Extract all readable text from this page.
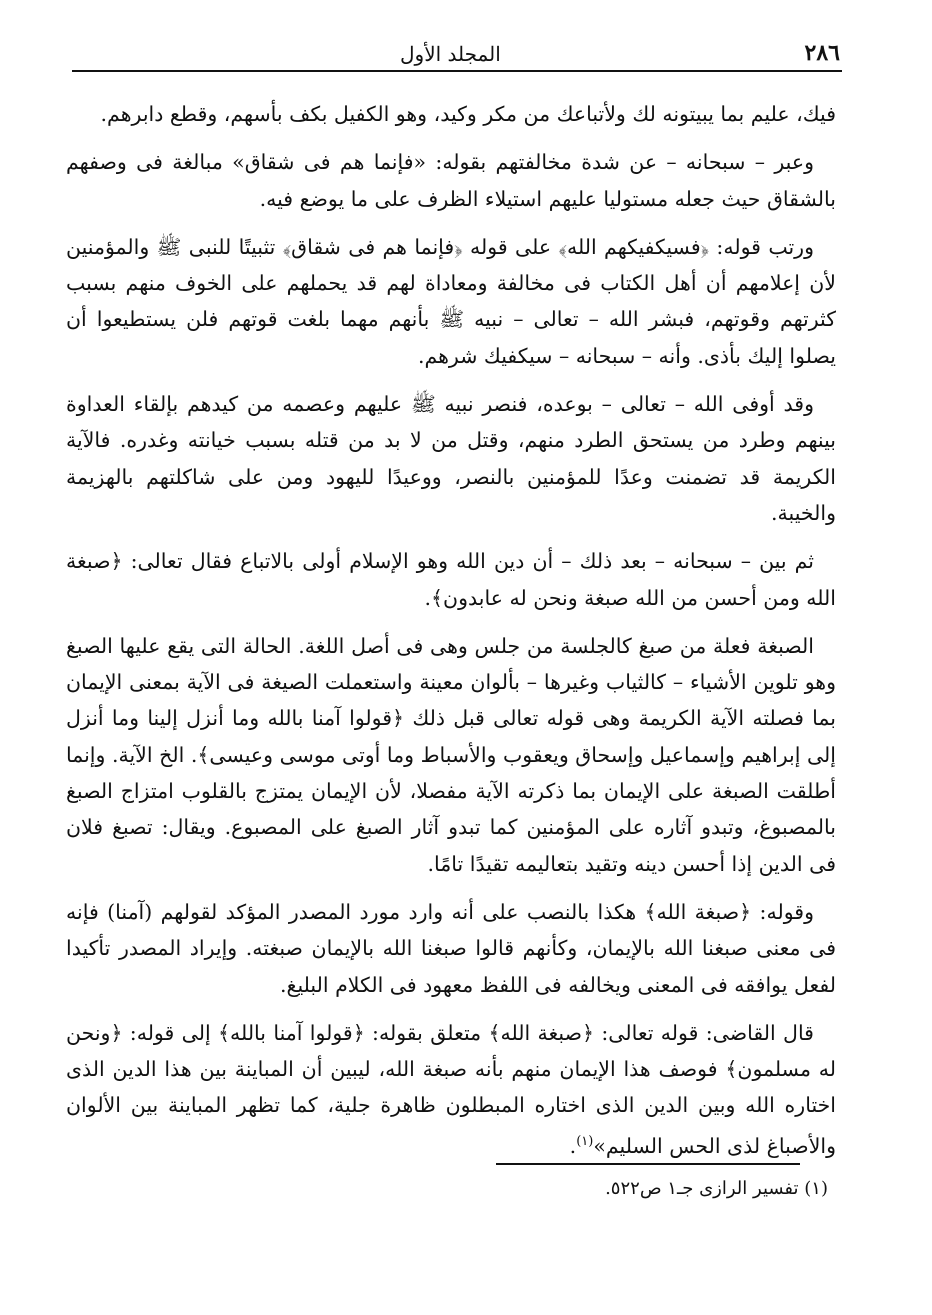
٢٨٦
المجلد الأول

فيك، عليم بما يبيتونه لك ولأتباعك من مكر وكيد، وهو الكفيل بكف بأسهم، وقطع دابرهم.

وعبر – سبحانه – عن شدة مخالفتهم بقوله: «فإنما هم فى شقاق» مبالغة فى وصفهم بالشقاق حيث جعله مستوليا عليهم استيلاء الظرف على ما يوضع فيه.

ورتب قوله: ﴿فسيكفيكهم الله﴾ على قوله ﴿فإنما هم فى شقاق﴾ تثبيتًا للنبى ﷺ والمؤمنين لأن إعلامهم أن أهل الكتاب فى مخالفة ومعاداة لهم قد يحملهم على الخوف منهم بسبب كثرتهم وقوتهم، فبشر الله – تعالى – نبيه ﷺ بأنهم مهما بلغت قوتهم فلن يستطيعوا أن يصلوا إليك بأذى. وأنه – سبحانه – سيكفيك شرهم.

وقد أوفى الله – تعالى – بوعده، فنصر نبيه ﷺ عليهم وعصمه من كيدهم بإلقاء العداوة بينهم وطرد من يستحق الطرد منهم، وقتل من لا بد من قتله بسبب خيانته وغدره. فالآية الكريمة قد تضمنت وعدًا للمؤمنين بالنصر، ووعيدًا لليهود ومن على شاكلتهم بالهزيمة والخيبة.

ثم بين – سبحانه – بعد ذلك – أن دين الله وهو الإسلام أولى بالاتباع فقال تعالى: ﴿صبغة الله ومن أحسن من الله صبغة ونحن له عابدون﴾.

الصبغة فعلة من صبغ كالجلسة من جلس وهى فى أصل اللغة. الحالة التى يقع عليها الصبغ وهو تلوين الأشياء – كالثياب وغيرها – بألوان معينة واستعملت الصيغة فى الآية بمعنى الإيمان بما فصلته الآية الكريمة وهى قوله تعالى قبل ذلك ﴿قولوا آمنا بالله وما أنزل إلينا وما أنزل إلى إبراهيم وإسماعيل وإسحاق ويعقوب والأسباط وما أوتى موسى وعيسى﴾. الخ الآية. وإنما أطلقت الصبغة على الإيمان بما ذكرته الآية مفصلا، لأن الإيمان يمتزج بالقلوب امتزاج الصبغ بالمصبوغ، وتبدو آثاره على المؤمنين كما تبدو آثار الصبغ على المصبوع. ويقال: تصبغ فلان فى الدين إذا أحسن دينه وتقيد بتعاليمه تقيدًا تامًا.

وقوله: ﴿صبغة الله﴾ هكذا بالنصب على أنه وارد مورد المصدر المؤكد لقولهم (آمنا) فإنه فى معنى صبغنا الله بالإيمان، وكأنهم قالوا صبغنا الله بالإيمان صبغته. وإيراد المصدر تأكيدا لفعل يوافقه فى المعنى ويخالفه فى اللفظ معهود فى الكلام البليغ.

قال القاضى: قوله تعالى: ﴿صبغة الله﴾ متعلق بقوله: ﴿قولوا آمنا بالله﴾ إلى قوله: ﴿ونحن له مسلمون﴾ فوصف هذا الإيمان منهم بأنه صبغة الله، ليبين أن المباينة بين هذا الدين الذى اختاره الله وبين الدين الذى اختاره المبطلون ظاهرة جلية، كما تظهر المباينة بين الألوان والأصباغ لذى الحس السليم»$^{(١)}$.

(١) تفسير الرازى جـ١ ص٥٢٢.
